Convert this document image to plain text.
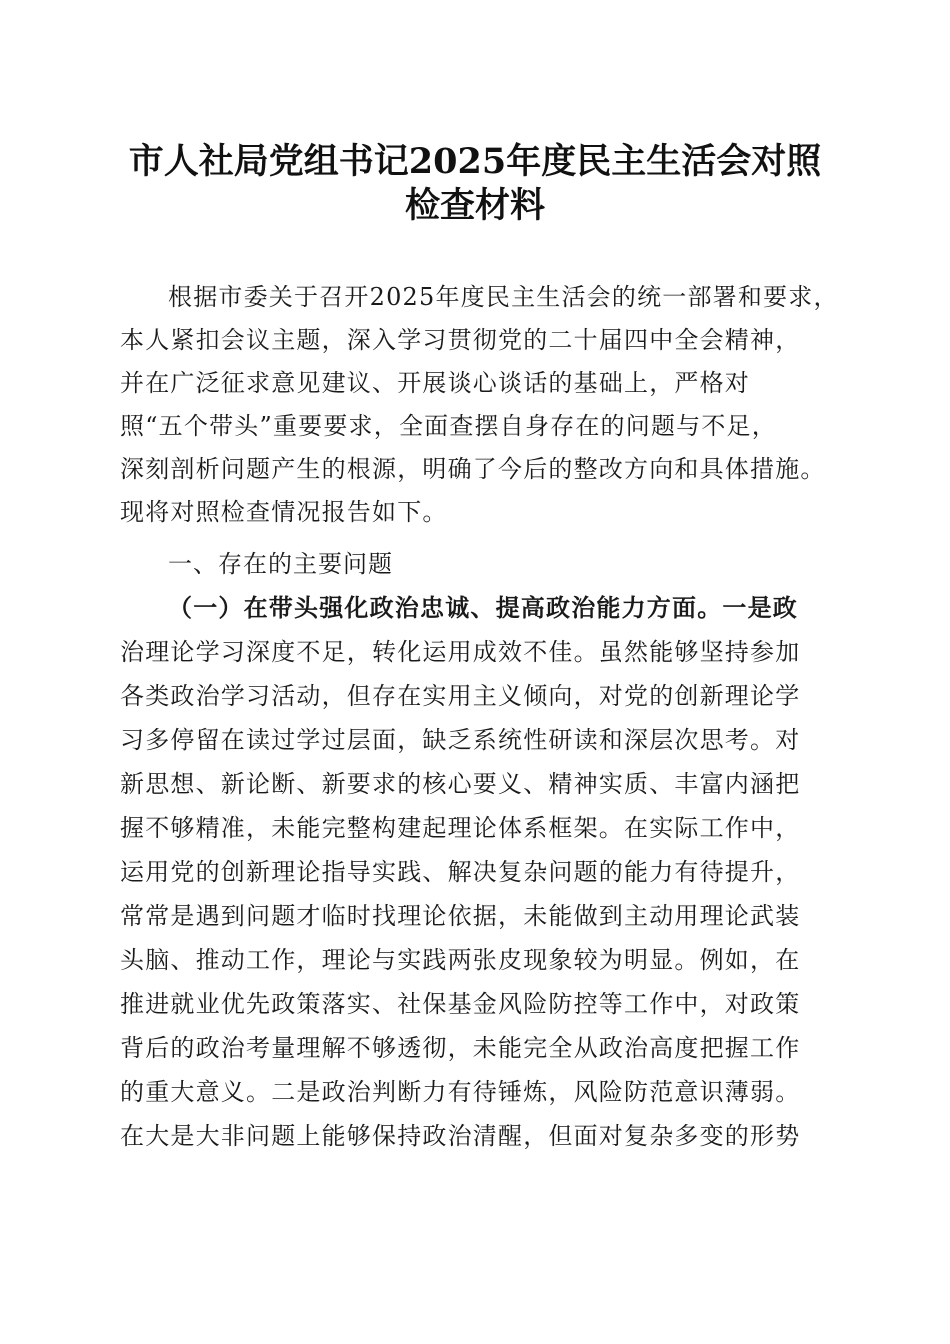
市人社局党组书记2025年度民主生活会对照
检查材料
根据市委关于召开2025年度民主生活会的统一部署和要求，
本人紧扣会议主题，深入学习贯彻党的二十届四中全会精神，
并在广泛征求意见建议、开展谈心谈话的基础上，严格对
照“五个带头”重要要求，全面查摆自身存在的问题与不足，
深刻剖析问题产生的根源，明确了今后的整改方向和具体措施。
现将对照检查情况报告如下。
一、存在的主要问题
（一）在带头强化政治忠诚、提高政治能力方面。一是政
治理论学习深度不足，转化运用成效不佳。虽然能够坚持参加
各类政治学习活动，但存在实用主义倾向，对党的创新理论学
习多停留在读过学过层面，缺乏系统性研读和深层次思考。对
新思想、新论断、新要求的核心要义、精神实质、丰富内涵把
握不够精准，未能完整构建起理论体系框架。在实际工作中，
运用党的创新理论指导实践、解决复杂问题的能力有待提升，
常常是遇到问题才临时找理论依据，未能做到主动用理论武装
头脑、推动工作，理论与实践两张皮现象较为明显。例如，在
推进就业优先政策落实、社保基金风险防控等工作中，对政策
背后的政治考量理解不够透彻，未能完全从政治高度把握工作
的重大意义。二是政治判断力有待锤炼，风险防范意识薄弱。
在大是大非问题上能够保持政治清醒，但面对复杂多变的形势
